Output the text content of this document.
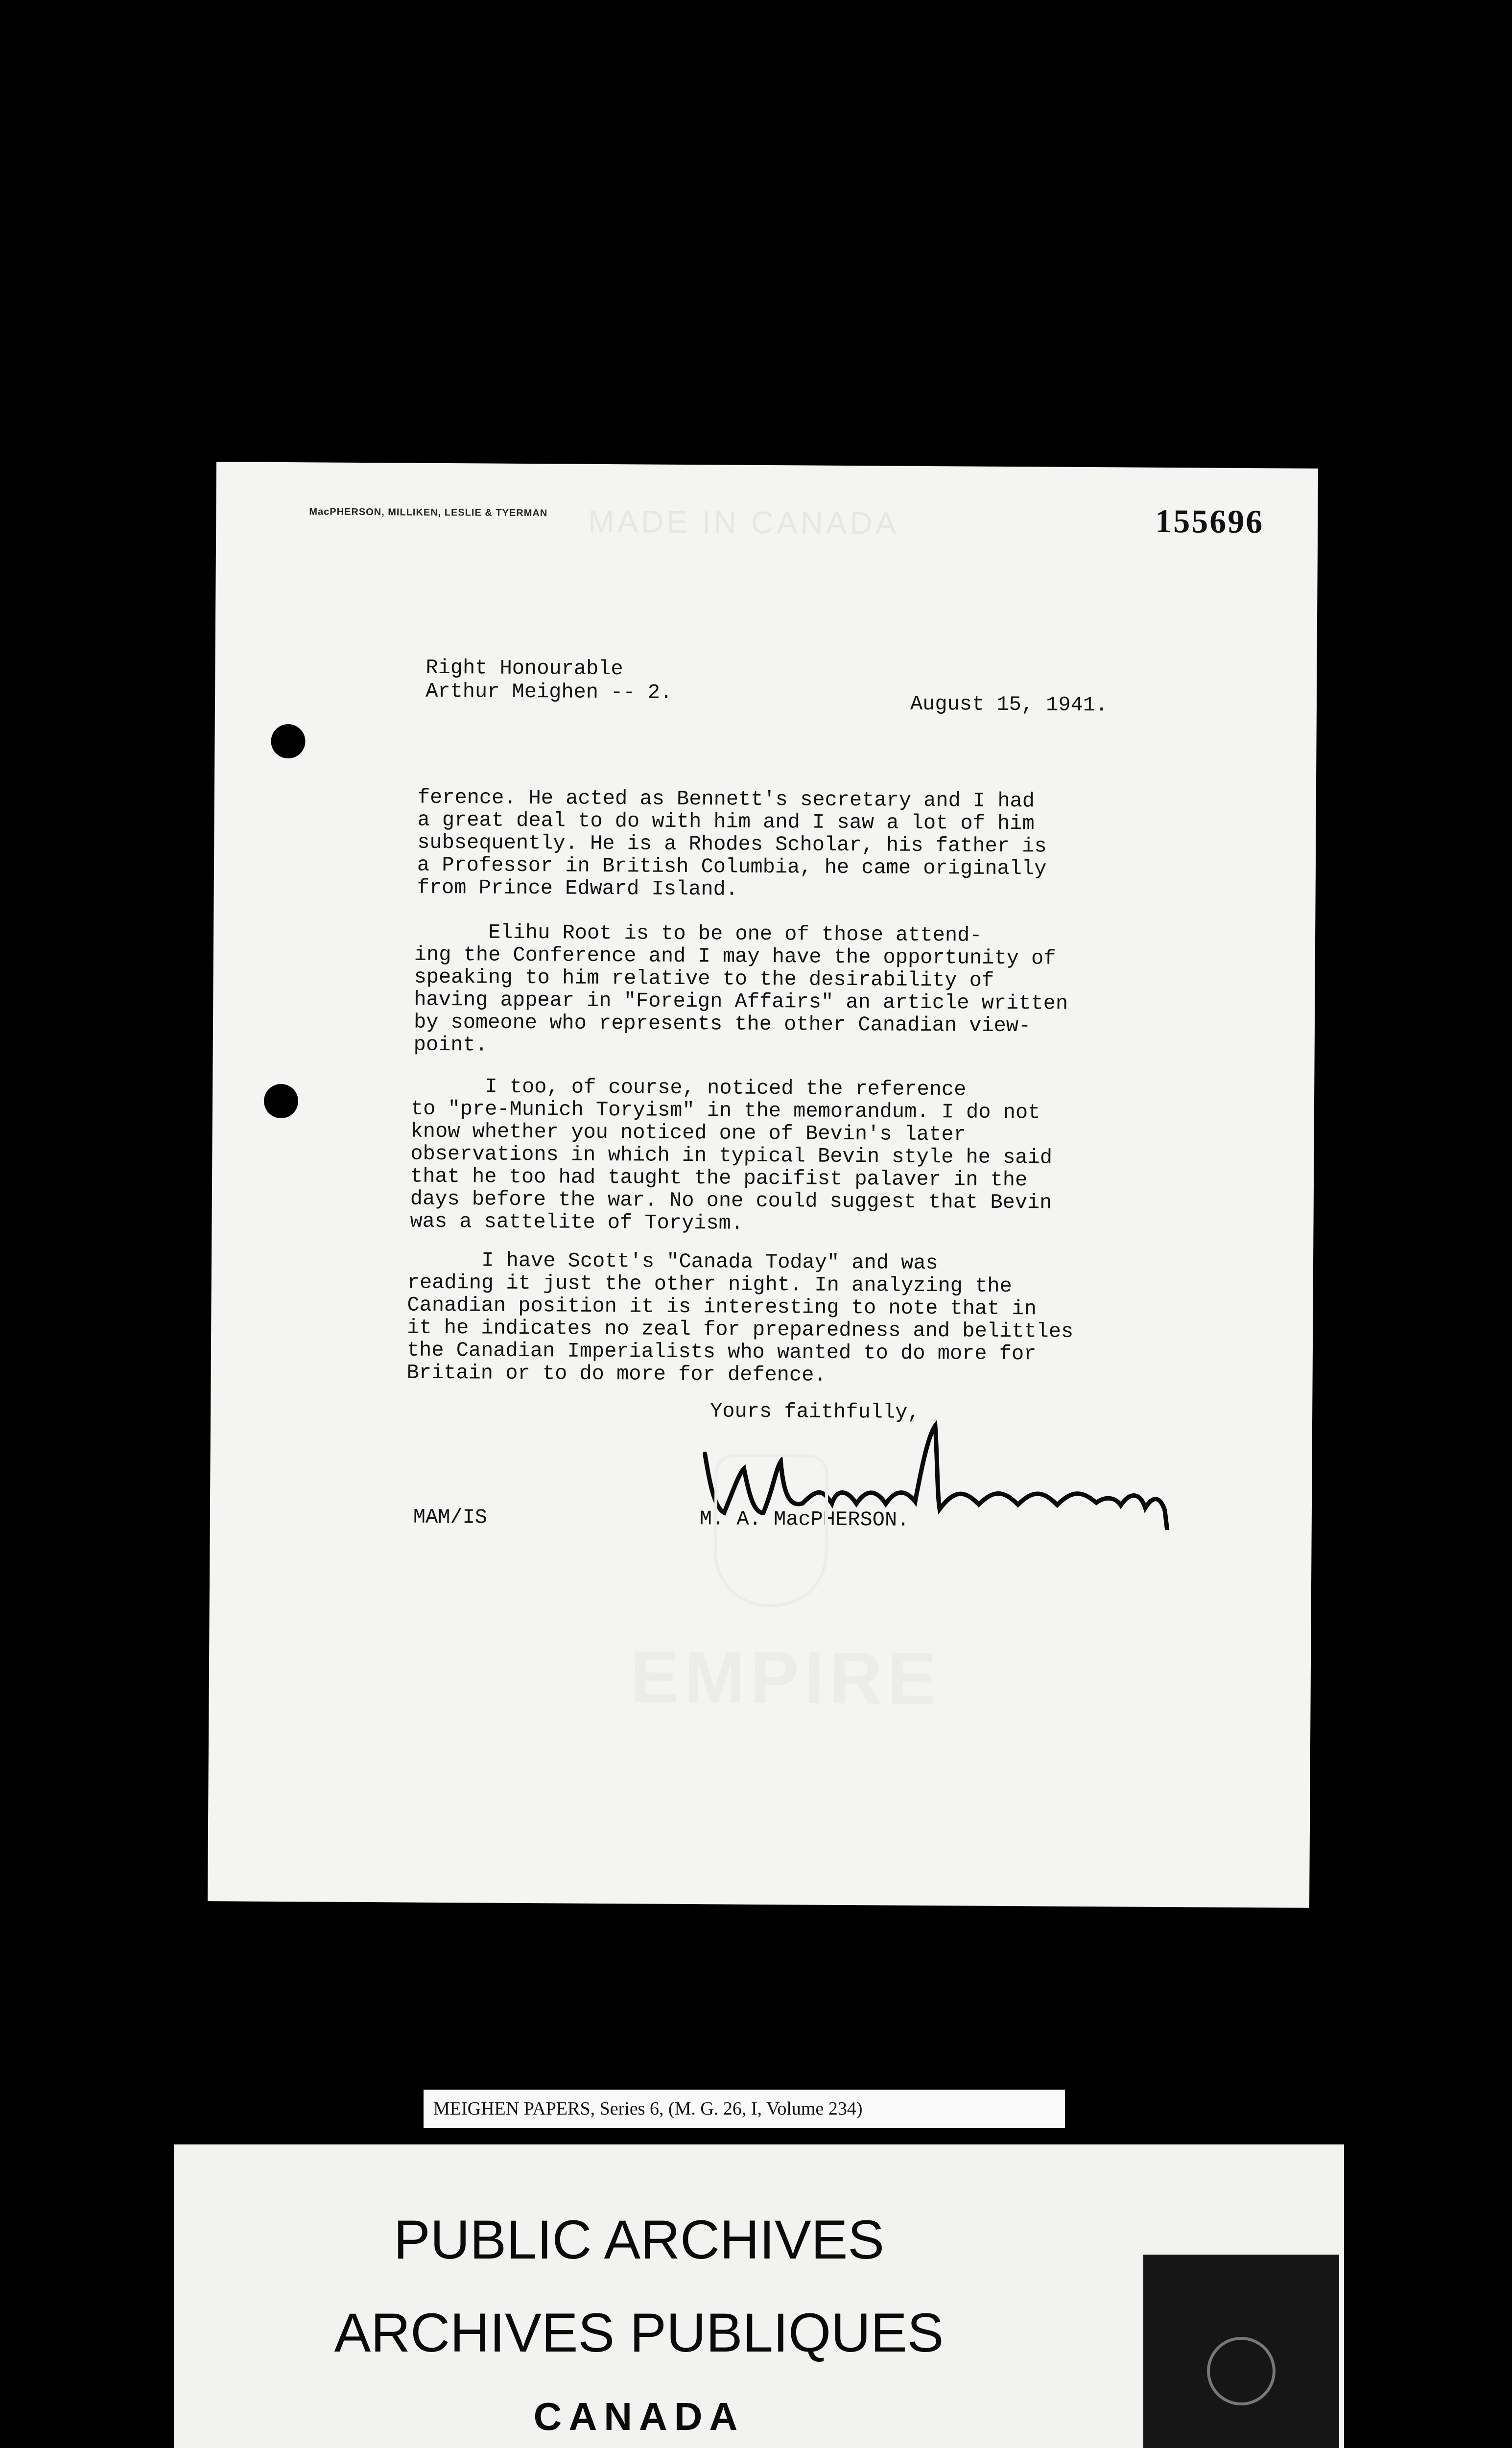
MacPHERSON, MILLIKEN, LESLIE & TYERMAN MADE IN CANADA	155696
Right Honourable
Arthur Meighen -- 2.
August 15, 1941.
ference. He acted as Bennett's secretary and I had
a great deal to do with him and I saw a lot of him
subsequently. He is a Rhodes Scholar, his father is
a Professor in British Columbia, he came originally
from Prince Edward Island.
Elihu Root is to be one of those attend-
ing the Conference and I may have the opportunity of
speaking to him relative to the desirability of
having appear in "Foreign Affairs" an article written
by someone who represents the other Canadian view-
point.
I too, of course, noticed the reference
to "pre-Munich Toryism" in the memorandum. I do not
know whether you noticed one of Bevin's later
observations in which in typical Bevin style he said
that he too had taught the pacifist palaver in the
days before the war. No one could suggest that Bevin
was a sattelite of Toryism.
I have Scott's "Canada Today" and was
reading it just the other night. In analyzing the
Canadian position it is interesting to note that in
it he indicates no zeal for preparedness and belittles
the Canadian Imperialists who wanted to do more for
Britain or to do more for defence.
Yours faithfully,
MAM/IS	M. A. MacPHERSON.
EMPIRE
MEIGHEN PAPERS, Series 6, (M. G. 26, I, Volume 234)
PUBLIC ARCHIVES
ARCHIVES PUBLIQUES
CANADA
